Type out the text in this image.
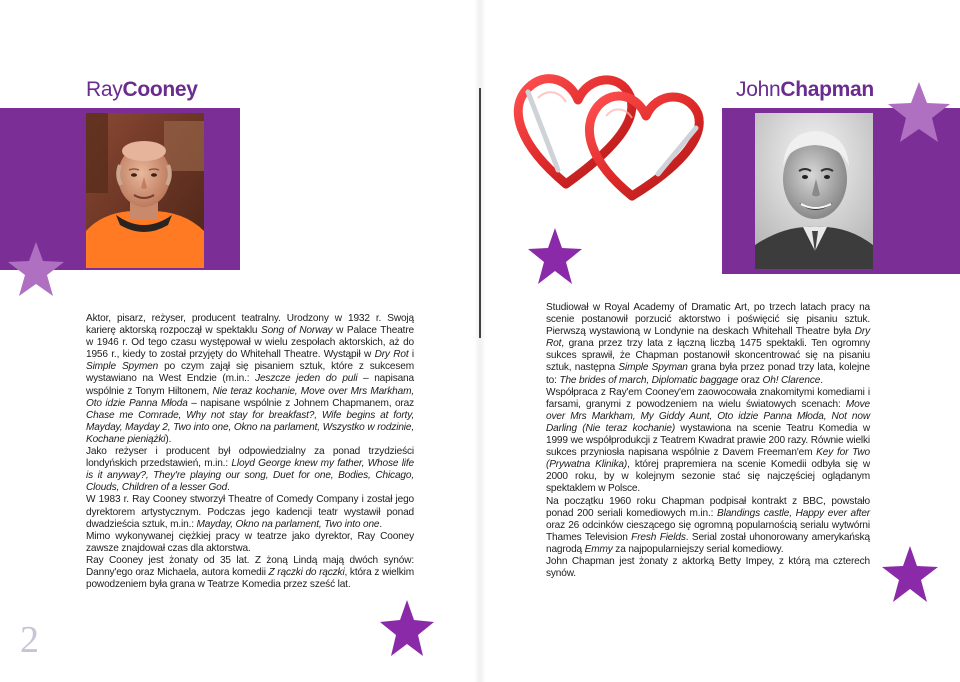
RayCooney

Aktor, pisarz, reżyser, producent teatralny. Urodzony w 1932 r. Swoją karierę aktorską rozpoczął w spektaklu Song of Norway w Palace Theatre w 1946 r. Od tego czasu występował w wielu zespołach aktorskich, aż do 1956 r., kiedy to został przyjęty do Whitehall Theatre. Wystąpił w Dry Rot i Simple Spymen po czym zajął się pisaniem sztuk, które z sukcesem wystawiano na West Endzie (m.in.: Jeszcze jeden do puli – napisana wspólnie z Tonym Hiltonem, Nie teraz kochanie, Move over Mrs Markham, Oto idzie Panna Młoda – napisane wspólnie z Johnem Chapmanem, oraz Chase me Comrade, Why not stay for breakfast?, Wife begins at forty, Mayday, Mayday 2, Two into one, Okno na parlament, Wszystko w rodzinie, Kochane pieniążki).

Jako reżyser i producent był odpowiedzialny za ponad trzydzieści londyńskich przedstawień, m.in.: Lloyd George knew my father, Whose life is it anyway?, They're playing our song, Duet for one, Bodies, Chicago, Clouds, Children of a lesser God.

W 1983 r. Ray Cooney stworzył Theatre of Comedy Company i został jego dyrektorem artystycznym. Podczas jego kadencji teatr wystawił ponad dwadzieścia sztuk, m.in.: Mayday, Okno na parlament, Two into one.

Mimo wykonywanej ciężkiej pracy w teatrze jako dyrektor, Ray Cooney zawsze znajdował czas dla aktorstwa.

Ray Cooney jest żonaty od 35 lat. Z żoną Lindą mają dwóch synów: Danny'ego oraz Michaela, autora komedii Z rączki do rączki, która z wielkim powodzeniem była grana w Teatrze Komedia przez sześć lat.

2
JohnChapman

Studiował w Royal Academy of Dramatic Art, po trzech latach pracy na scenie postanowił porzucić aktorstwo i poświęcić się pisaniu sztuk. Pierwszą wystawioną w Londynie na deskach Whitehall Theatre była Dry Rot, grana przez trzy lata z łączną liczbą 1475 spektakli. Ten ogromny sukces sprawił, że Chapman postanowił skoncentrować się na pisaniu sztuk, następna Simple Spyman grana była przez ponad trzy lata, kolejne to: The brides of march, Diplomatic baggage oraz Oh! Clarence.

Współpraca z Ray'em Cooney'em zaowocowała znakomitymi komediami i farsami, granymi z powodzeniem na wielu światowych scenach: Move over Mrs Markham, My Giddy Aunt, Oto idzie Panna Młoda, Not now Darling (Nie teraz kochanie) wystawiona na scenie Teatru Komedia w 1999 we współprodukcji z Teatrem Kwadrat prawie 200 razy. Równie wielki sukces przyniosła napisana wspólnie z Davem Freeman'em Key for Two (Prywatna Klinika), której prapremiera na scenie Komedii odbyła się w 2000 roku, by w kolejnym sezonie stać się najczęściej oglądanym spektaklem w Polsce.

Na początku 1960 roku Chapman podpisał kontrakt z BBC, powstało ponad 200 seriali komediowych m.in.: Blandings castle, Happy ever after oraz 26 odcinków cieszącego się ogromną popularnością serialu wytwórni Thames Television Fresh Fields. Serial został uhonorowany amerykańską nagrodą Emmy za najpopularniejszy serial komediowy.

John Chapman jest żonaty z aktorką Betty Impey, z którą ma czterech synów.
